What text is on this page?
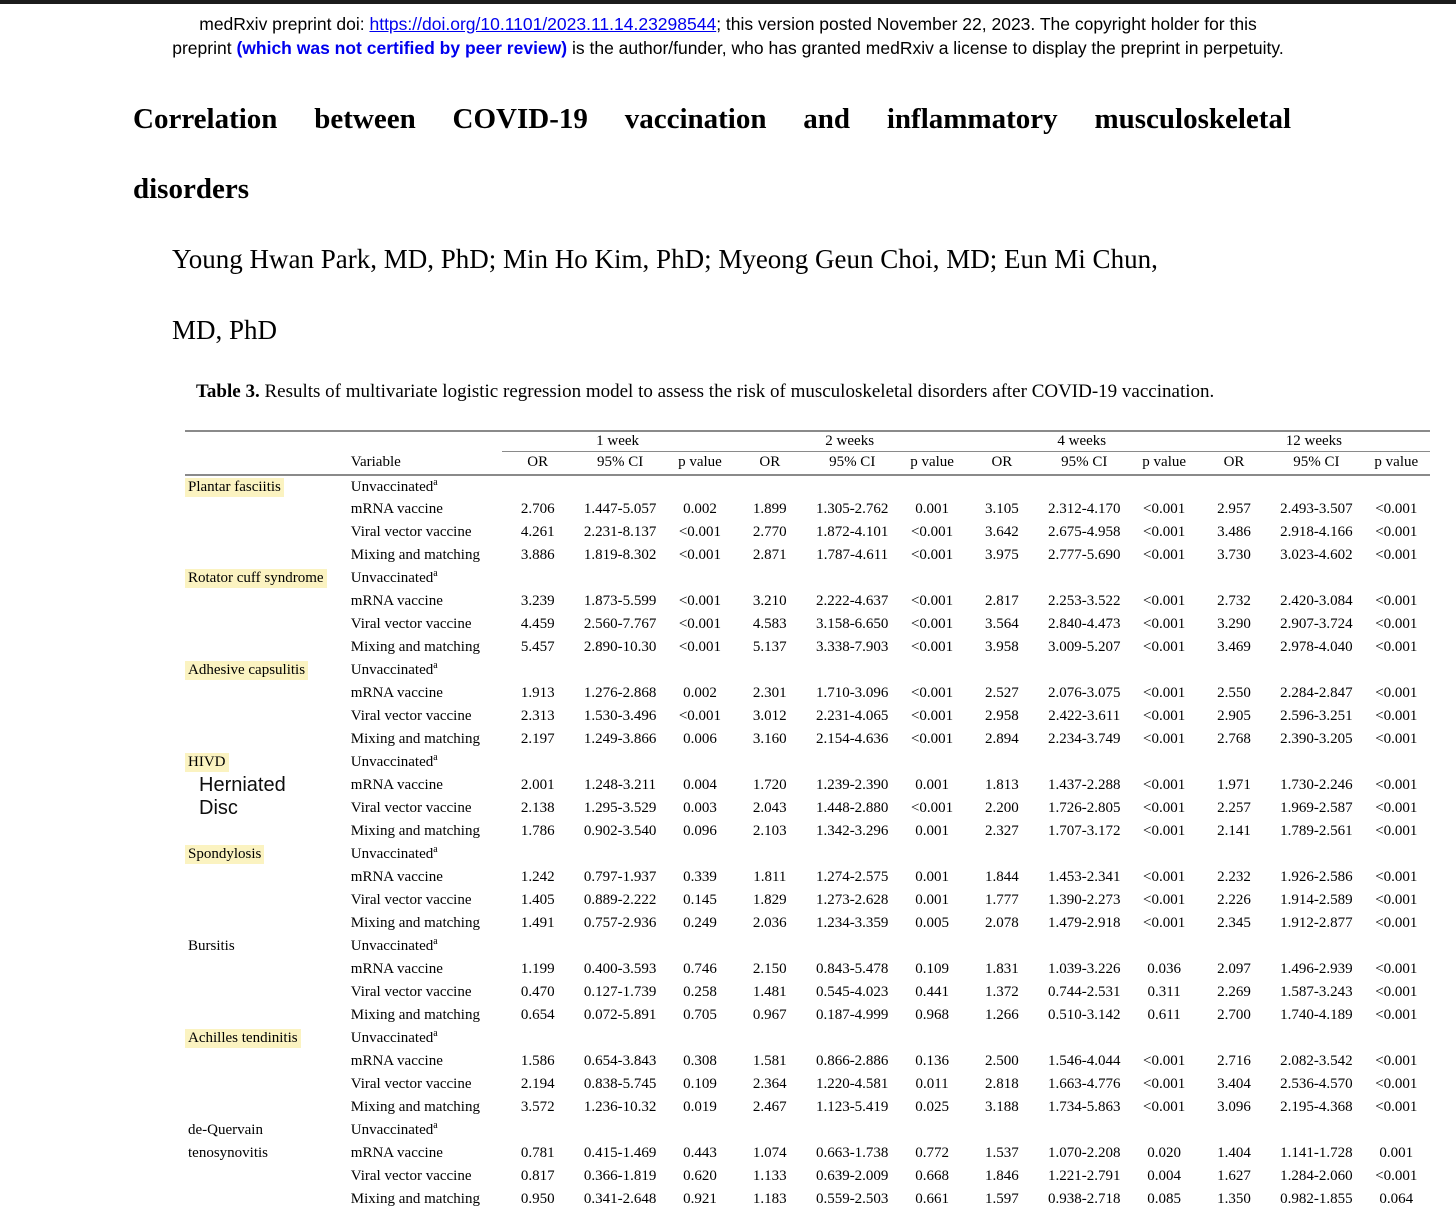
medRxiv preprint doi: https://doi.org/10.1101/2023.11.14.23298544; this version posted November 22, 2023. The copyright holder for this
preprint (which was not certified by peer review) is the author/funder, who has granted medRxiv a license to display the preprint in perpetuity.
Correlation between COVID-19 vaccination and inflammatory musculoskeletal
disorders
Young Hwan Park, MD, PhD; Min Ho Kim, PhD; Myeong Geun Choi, MD; Eun Mi Chun,
MD, PhD
Table 3. Results of multivariate logistic regression model to assess the risk of musculoskeletal disorders after COVID-19 vaccination.
		1 week			2 weeks			4 weeks			12 weeks		
	Variable	OR	95% CI	p value	OR	95% CI	p value	OR	95% CI	p value	OR	95% CI	p value
Plantar fasciitis	Unvaccinated$^a$												
	mRNA vaccine	2.706	1.447-5.057	0.002	1.899	1.305-2.762	0.001	3.105	2.312-4.170	<0.001	2.957	2.493-3.507	<0.001
	Viral vector vaccine	4.261	2.231-8.137	<0.001	2.770	1.872-4.101	<0.001	3.642	2.675-4.958	<0.001	3.486	2.918-4.166	<0.001
	Mixing and matching	3.886	1.819-8.302	<0.001	2.871	1.787-4.611	<0.001	3.975	2.777-5.690	<0.001	3.730	3.023-4.602	<0.001
Rotator cuff syndrome	Unvaccinated$^a$												
	mRNA vaccine	3.239	1.873-5.599	<0.001	3.210	2.222-4.637	<0.001	2.817	2.253-3.522	<0.001	2.732	2.420-3.084	<0.001
	Viral vector vaccine	4.459	2.560-7.767	<0.001	4.583	3.158-6.650	<0.001	3.564	2.840-4.473	<0.001	3.290	2.907-3.724	<0.001
	Mixing and matching	5.457	2.890-10.30	<0.001	5.137	3.338-7.903	<0.001	3.958	3.009-5.207	<0.001	3.469	2.978-4.040	<0.001
Adhesive capsulitis	Unvaccinated$^a$												
	mRNA vaccine	1.913	1.276-2.868	0.002	2.301	1.710-3.096	<0.001	2.527	2.076-3.075	<0.001	2.550	2.284-2.847	<0.001
	Viral vector vaccine	2.313	1.530-3.496	<0.001	3.012	2.231-4.065	<0.001	2.958	2.422-3.611	<0.001	2.905	2.596-3.251	<0.001
	Mixing and matching	2.197	1.249-3.866	0.006	3.160	2.154-4.636	<0.001	2.894	2.234-3.749	<0.001	2.768	2.390-3.205	<0.001
HIVD	Unvaccinated$^a$												
Herniated	mRNA vaccine	2.001	1.248-3.211	0.004	1.720	1.239-2.390	0.001	1.813	1.437-2.288	<0.001	1.971	1.730-2.246	<0.001
Disc	Viral vector vaccine	2.138	1.295-3.529	0.003	2.043	1.448-2.880	<0.001	2.200	1.726-2.805	<0.001	2.257	1.969-2.587	<0.001
	Mixing and matching	1.786	0.902-3.540	0.096	2.103	1.342-3.296	0.001	2.327	1.707-3.172	<0.001	2.141	1.789-2.561	<0.001
Spondylosis	Unvaccinated$^a$												
	mRNA vaccine	1.242	0.797-1.937	0.339	1.811	1.274-2.575	0.001	1.844	1.453-2.341	<0.001	2.232	1.926-2.586	<0.001
	Viral vector vaccine	1.405	0.889-2.222	0.145	1.829	1.273-2.628	0.001	1.777	1.390-2.273	<0.001	2.226	1.914-2.589	<0.001
	Mixing and matching	1.491	0.757-2.936	0.249	2.036	1.234-3.359	0.005	2.078	1.479-2.918	<0.001	2.345	1.912-2.877	<0.001
Bursitis	Unvaccinated$^a$												
	mRNA vaccine	1.199	0.400-3.593	0.746	2.150	0.843-5.478	0.109	1.831	1.039-3.226	0.036	2.097	1.496-2.939	<0.001
	Viral vector vaccine	0.470	0.127-1.739	0.258	1.481	0.545-4.023	0.441	1.372	0.744-2.531	0.311	2.269	1.587-3.243	<0.001
	Mixing and matching	0.654	0.072-5.891	0.705	0.967	0.187-4.999	0.968	1.266	0.510-3.142	0.611	2.700	1.740-4.189	<0.001
Achilles tendinitis	Unvaccinated$^a$												
	mRNA vaccine	1.586	0.654-3.843	0.308	1.581	0.866-2.886	0.136	2.500	1.546-4.044	<0.001	2.716	2.082-3.542	<0.001
	Viral vector vaccine	2.194	0.838-5.745	0.109	2.364	1.220-4.581	0.011	2.818	1.663-4.776	<0.001	3.404	2.536-4.570	<0.001
	Mixing and matching	3.572	1.236-10.32	0.019	2.467	1.123-5.419	0.025	3.188	1.734-5.863	<0.001	3.096	2.195-4.368	<0.001
de-Quervain	Unvaccinated$^a$												
tenosynovitis	mRNA vaccine	0.781	0.415-1.469	0.443	1.074	0.663-1.738	0.772	1.537	1.070-2.208	0.020	1.404	1.141-1.728	0.001
	Viral vector vaccine	0.817	0.366-1.819	0.620	1.133	0.639-2.009	0.668	1.846	1.221-2.791	0.004	1.627	1.284-2.060	<0.001
	Mixing and matching	0.950	0.341-2.648	0.921	1.183	0.559-2.503	0.661	1.597	0.938-2.718	0.085	1.350	0.982-1.855	0.064
